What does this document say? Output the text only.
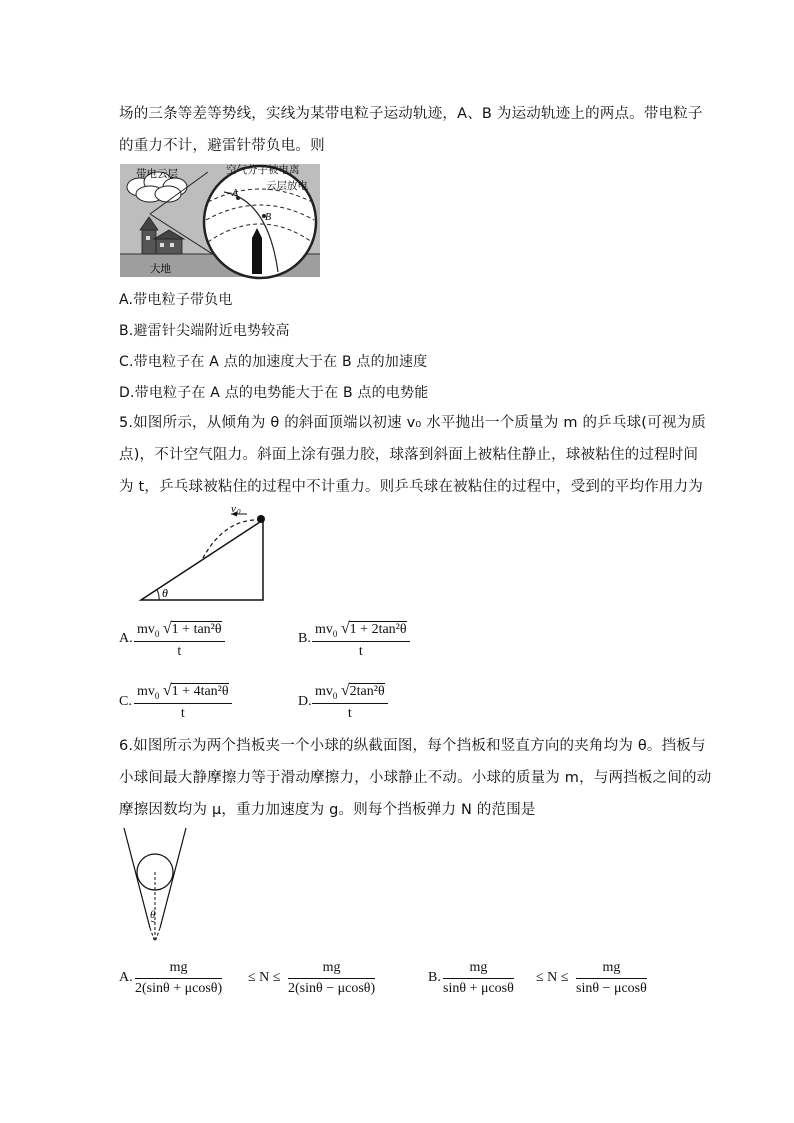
场的三条等差等势线，实线为某带电粒子运动轨迹，A、B 为运动轨迹上的两点。带电粒子
的重力不计，避雷针带负电。则
A
B
带电云层
大地
空气分子被电离
云层放电
A.带电粒子带负电
B.避雷针尖端附近电势较高
C.带电粒子在 A 点的加速度大于在 B 点的加速度
D.带电粒子在 A 点的电势能大于在 B 点的电势能
5.如图所示，从倾角为 θ 的斜面顶端以初速 v₀ 水平抛出一个质量为 m 的乒乓球(可视为质
点)，不计空气阻力。斜面上涂有强力胶，球落到斜面上被粘住静止，球被粘住的过程时间
为 t，乒乓球被粘住的过程中不计重力。则乒乓球在被粘住的过程中，受到的平均作用力为
v 0
θ
A. $\frac{mv_0 √1 + \tan^2\theta}{t}$	B. $\frac{mv_0 √1 + 2\tan^2\theta}{t}$
C. $\frac{mv_0 √1 + 4\tan^2\theta}{t}$	D. $\frac{mv_0 √2\tan^2\theta}{t}$
6.如图所示为两个挡板夹一个小球的纵截面图，每个挡板和竖直方向的夹角均为 θ。挡板与
小球间最大静摩擦力等于滑动摩擦力，小球静止不动。小球的质量为 m，与两挡板之间的动
摩擦因数均为 μ，重力加速度为 g。则每个挡板弹力 N 的范围是
θ
A. $\frac{mg}{2(\sin\theta + \mu\cos\theta)} \le N \le \frac{mg}{2(\sin\theta - \mu\cos\theta)}$	B. $\frac{mg}{\sin\theta + \mu\cos\theta} \le N \le \frac{mg}{\sin\theta - \mu\cos\theta}$
